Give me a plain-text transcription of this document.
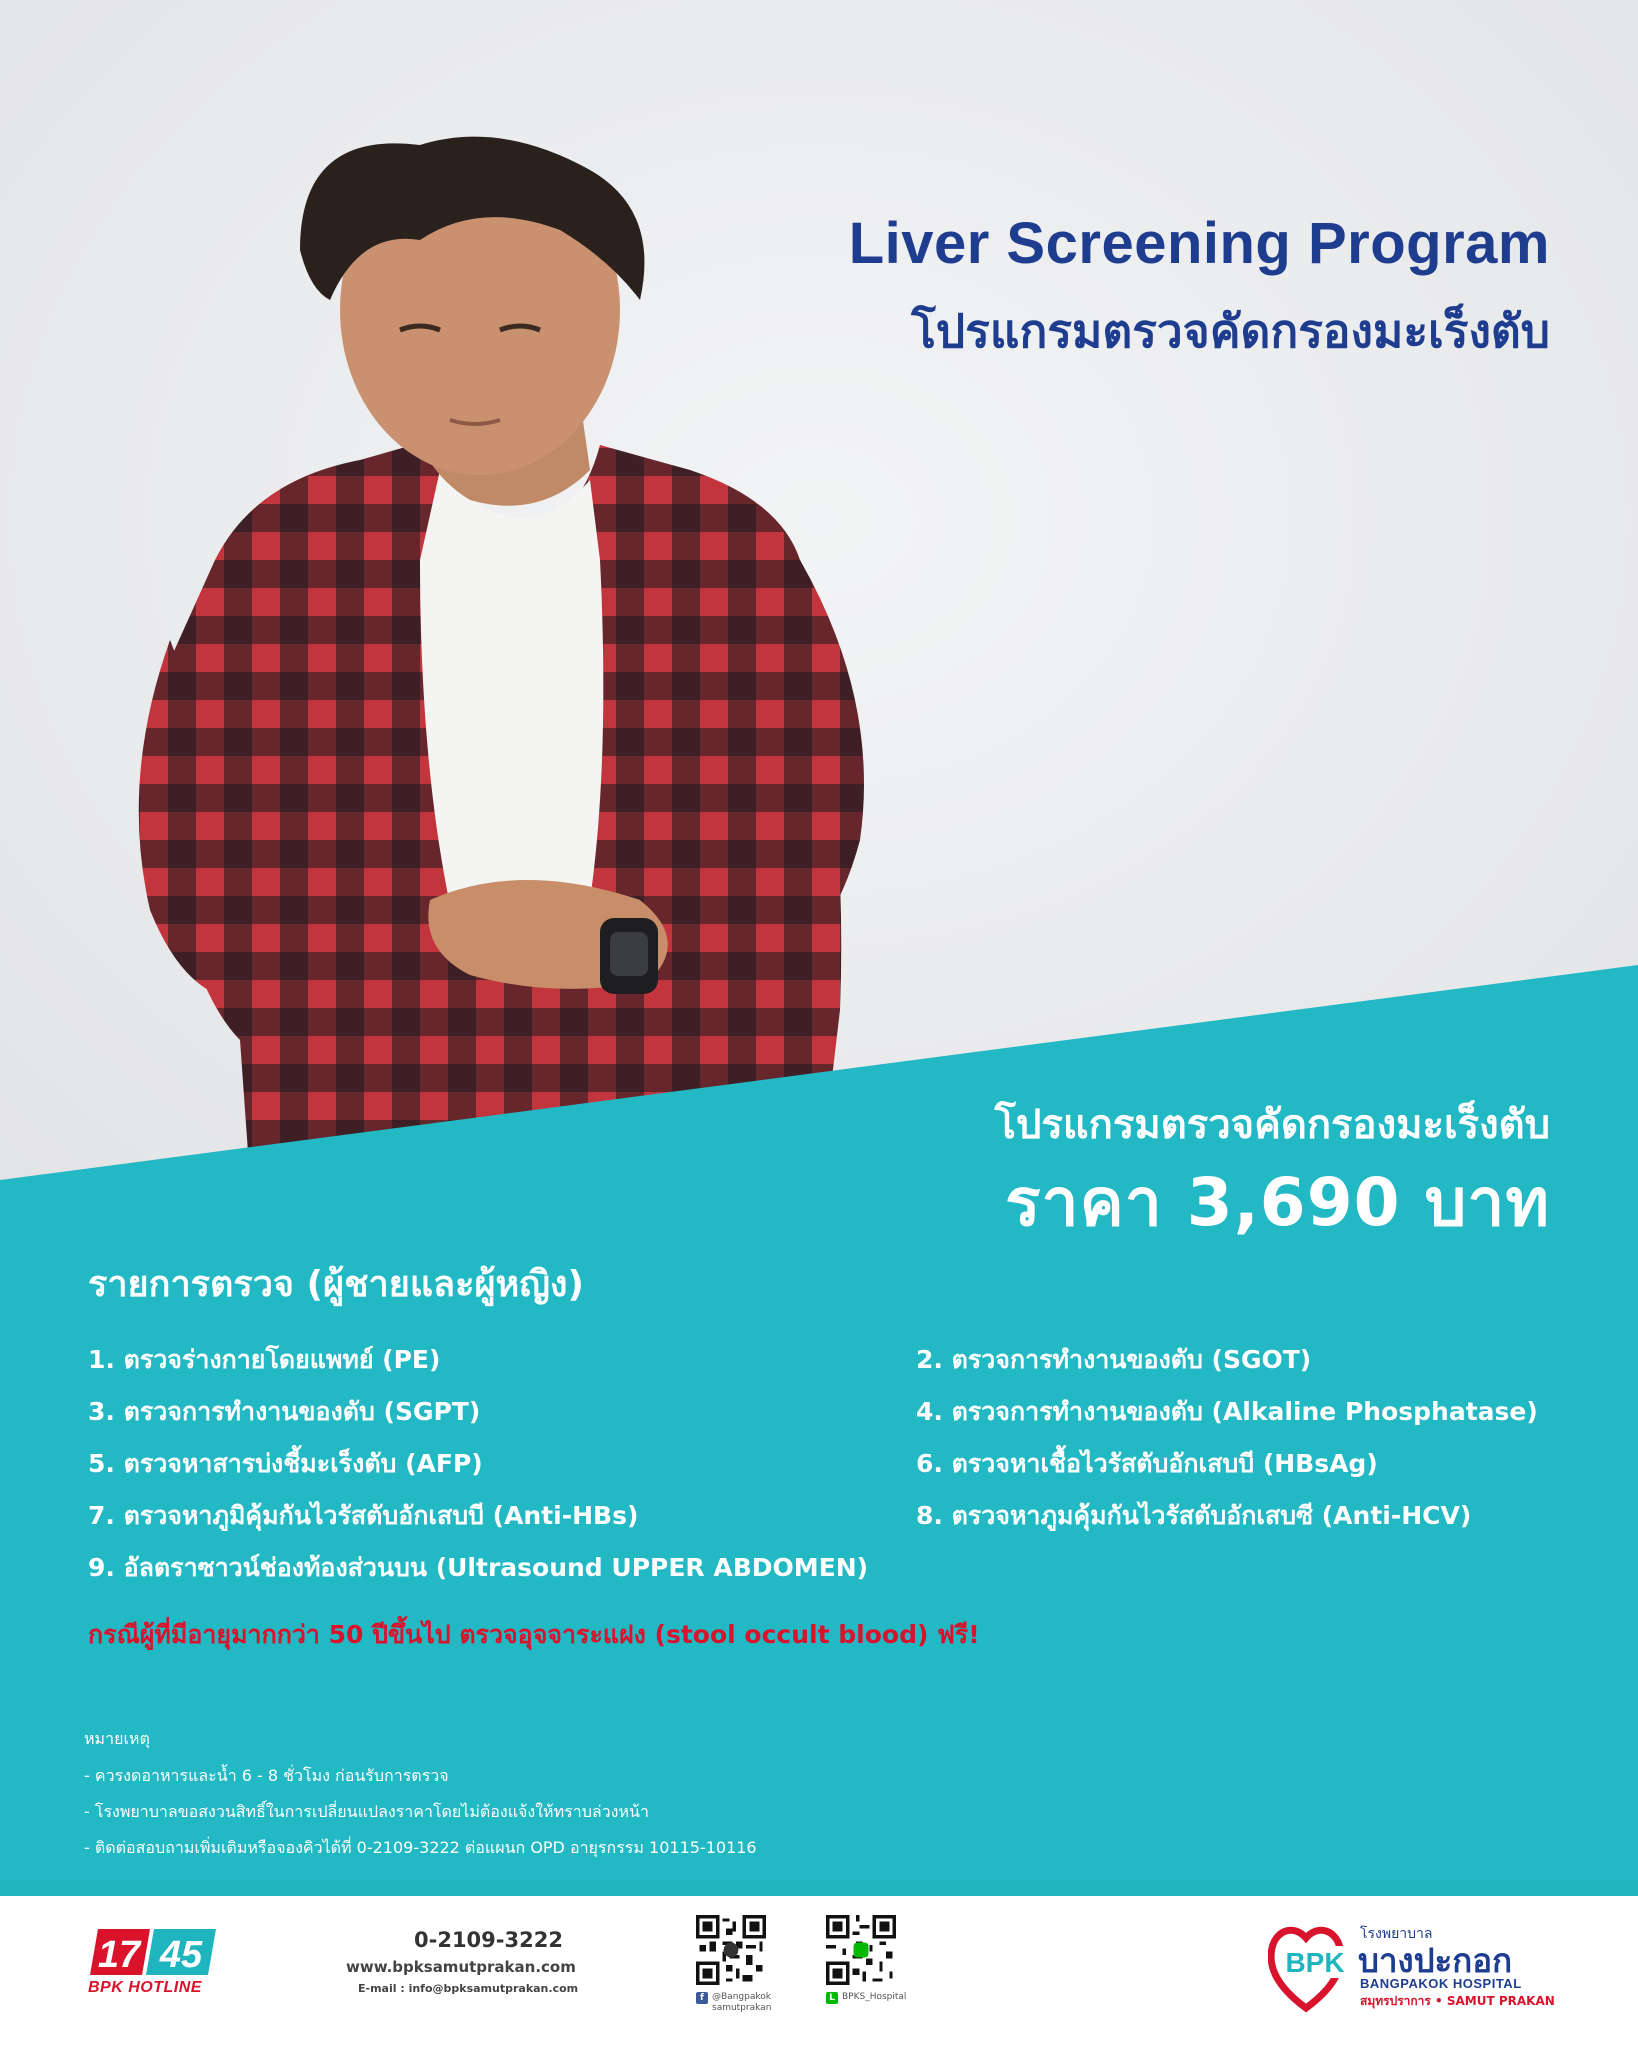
Liver Screening Program
โปรแกรมตรวจคัดกรองมะเร็งตับ
โปรแกรมตรวจคัดกรองมะเร็งตับ
ราคา 3,690 บาท
รายการตรวจ (ผู้ชายและผู้หญิง)
1. ตรวจร่างกายโดยแพทย์ (PE)	2. ตรวจการทำงานของตับ (SGOT)
3. ตรวจการทำงานของตับ (SGPT)	4. ตรวจการทำงานของตับ (Alkaline Phosphatase)
5. ตรวจหาสารบ่งชี้มะเร็งตับ (AFP)	6. ตรวจหาเชื้อไวรัสตับอักเสบบี (HBsAg)
7. ตรวจหาภูมิคุ้มกันไวรัสตับอักเสบบี (Anti-HBs)	8. ตรวจหาภูมคุ้มกันไวรัสตับอักเสบซี (Anti-HCV)
9. อัลตราซาวน์ช่องท้องส่วนบน (Ultrasound UPPER ABDOMEN)
กรณีผู้ที่มีอายุมากกว่า 50 ปีขึ้นไป ตรวจอุจจาระแฝง (stool occult blood) ฟรี!
หมายเหตุ
- ควรงดอาหารและน้ำ 6 - 8 ชั่วโมง ก่อนรับการตรวจ
- โรงพยาบาลขอสงวนสิทธิ์ในการเปลี่ยนแปลงราคาโดยไม่ต้องแจ้งให้ทราบล่วงหน้า
- ติดต่อสอบถามเพิ่มเติมหรือจองคิวได้ที่ 0-2109-3222 ต่อแผนก OPD อายุรกรรม 10115-10116
17 45
BPK HOTLINE
0-2109-3222
www.bpksamutprakan.com
E-mail : info@bpksamutprakan.com
f @Bangpakok
samutprakan
L BPKS_Hospital
BPK
โรงพยาบาล
บางปะกอก
BANGPAKOK HOSPITAL
สมุทรปราการ • SAMUT PRAKAN
